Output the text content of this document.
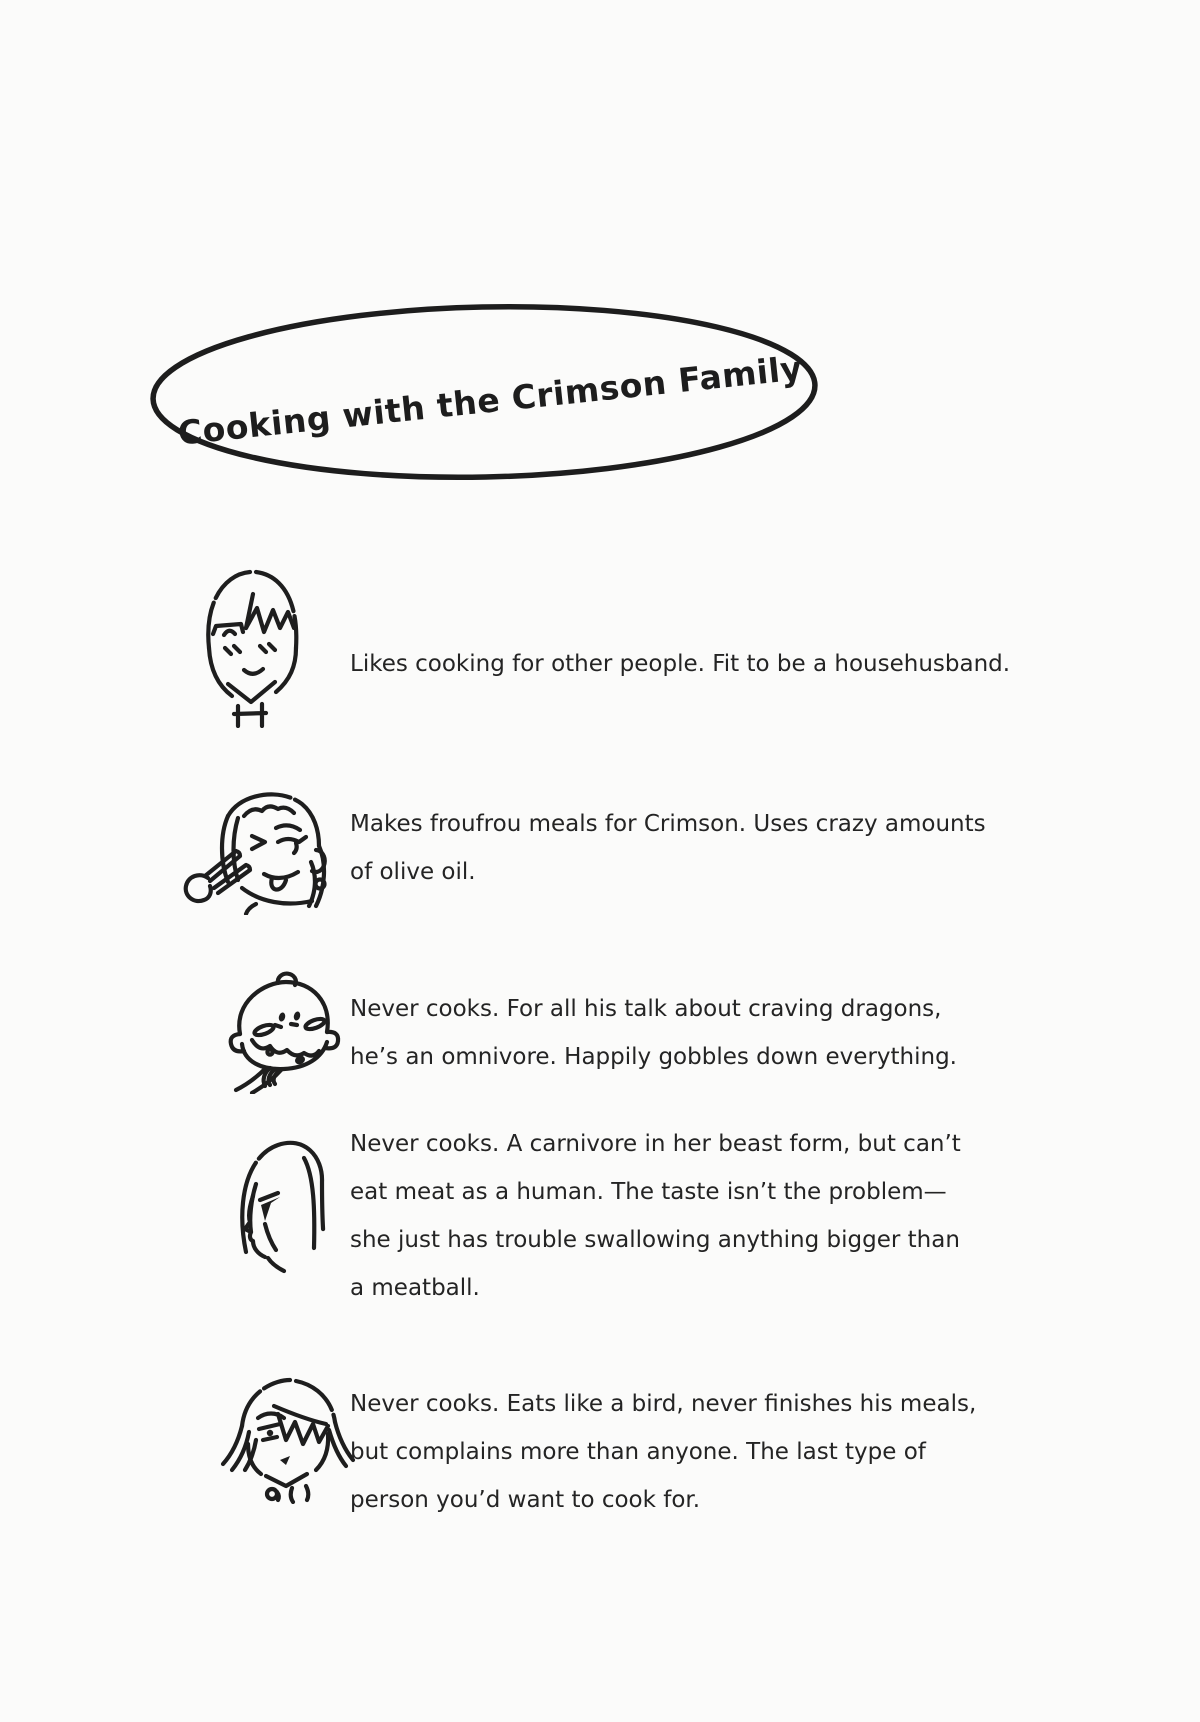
Cooking with the Crimson Family
Likes cooking for other people. Fit to be a househusband.
Makes froufrou meals for Crimson. Uses crazy amounts
of olive oil.
Never cooks. For all his talk about craving dragons,
he’s an omnivore. Happily gobbles down everything.
Never cooks. A carnivore in her beast form, but can’t
eat meat as a human. The taste isn’t the problem—
she just has trouble swallowing anything bigger than
a meatball.
Never cooks. Eats like a bird, never finishes his meals,
but complains more than anyone. The last type of
person you’d want to cook for.
